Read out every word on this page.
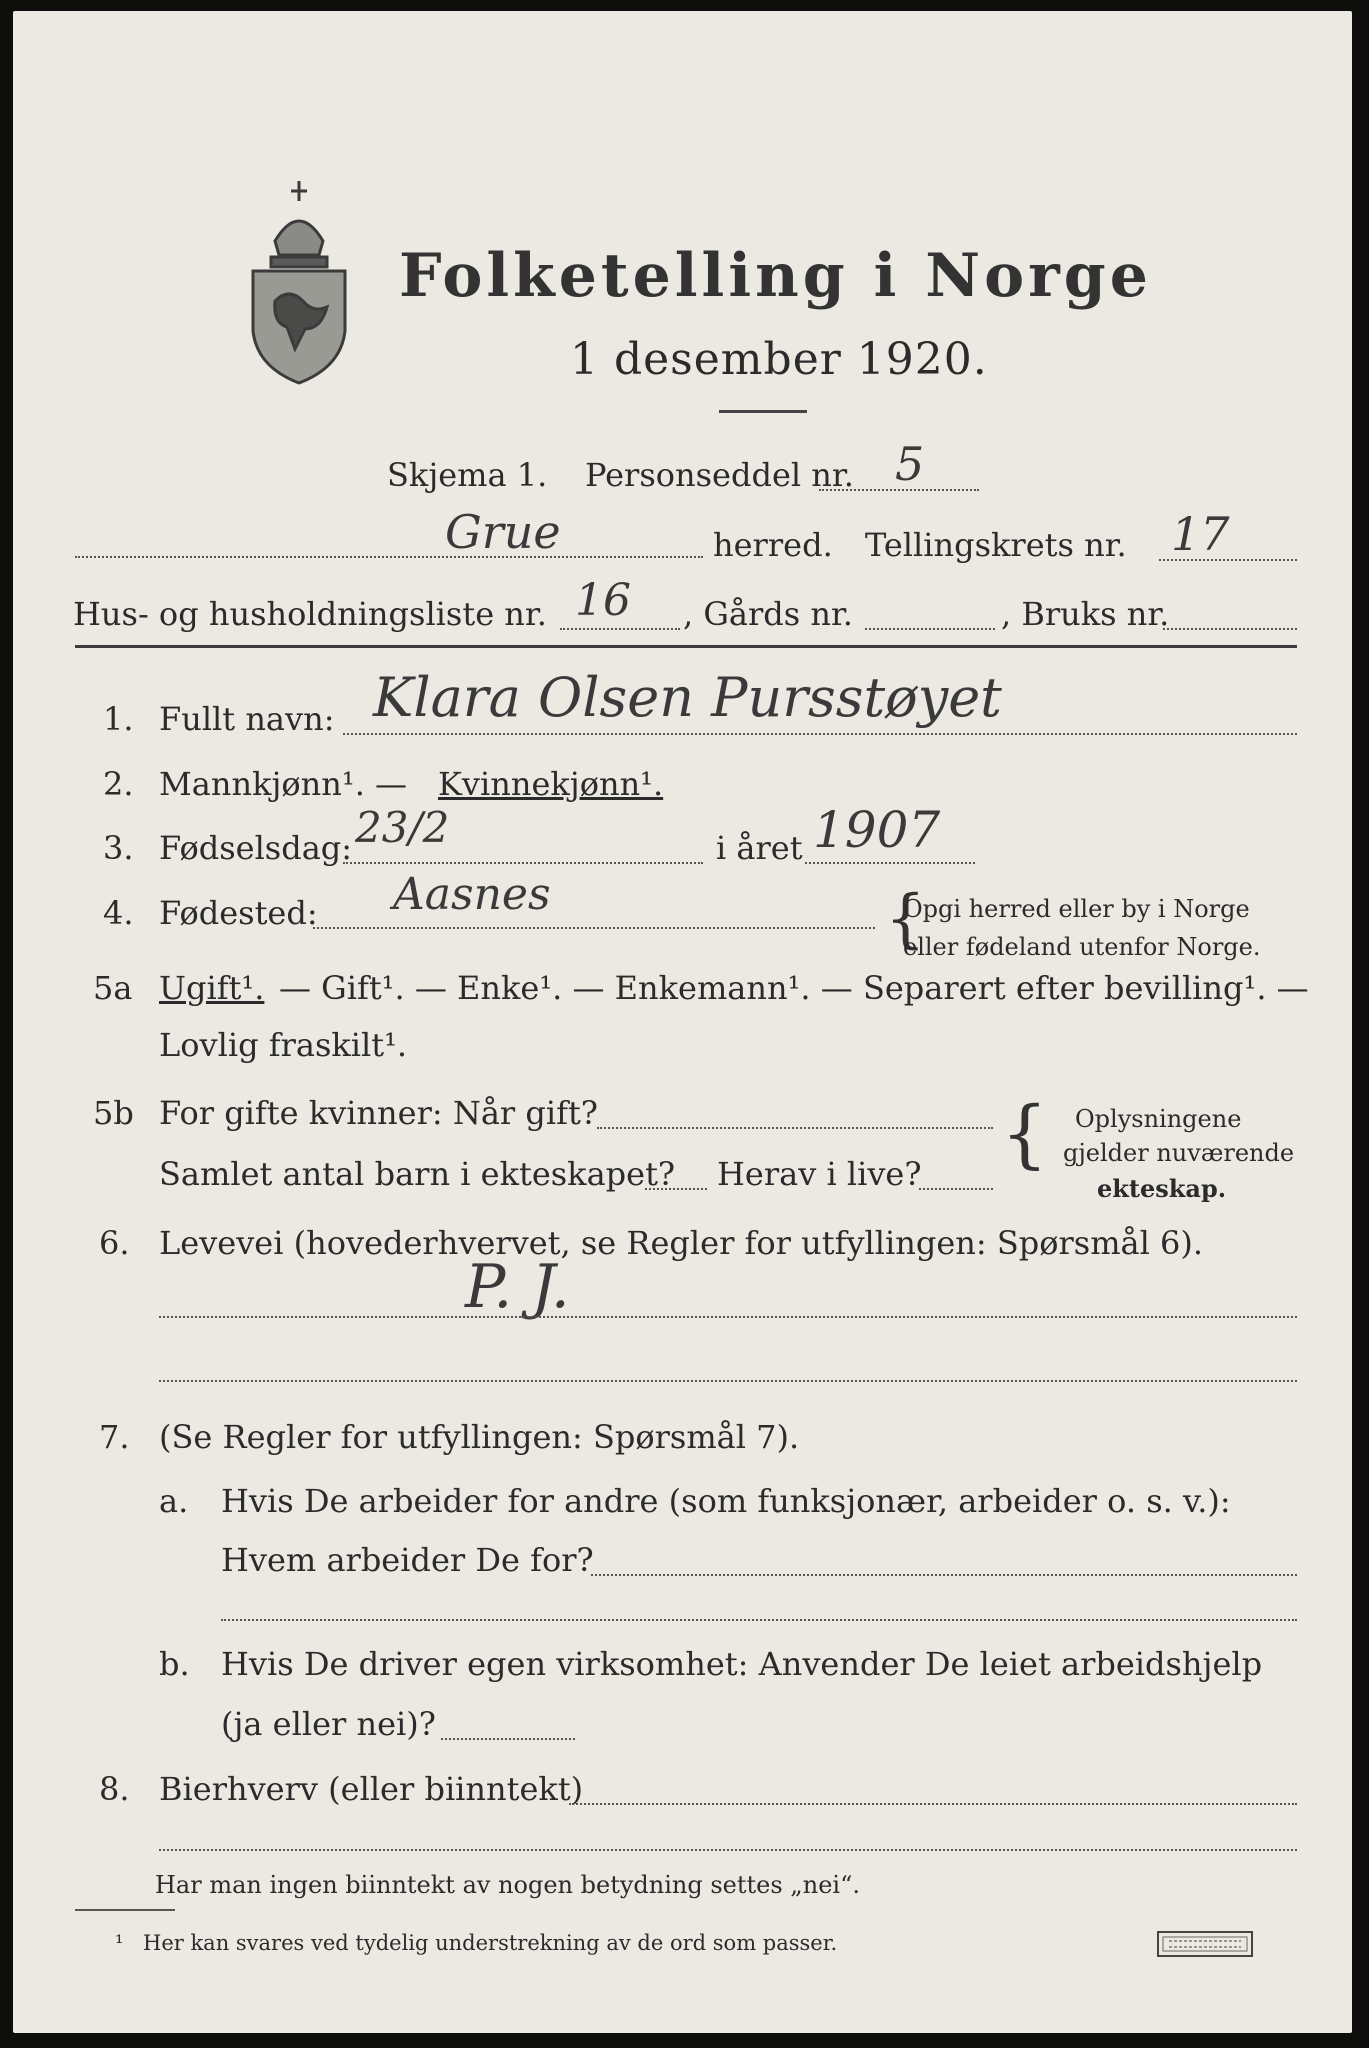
Folketelling i Norge
1 desember 1920.
Skjema 1. Personseddel nr. 5
Grue	herred. Tellingskrets nr. 17
Hus- og husholdningsliste nr. 16 , Gårds nr.	, Bruks nr.
1. Fullt navn: Klara Olsen Pursstøyet
2. Mannkjønn¹. — Kvinnekjønn¹.
3. Fødselsdag: 23/2	i året 1907
4. Fødested: Aasnes	{
Opgi herred eller by i Norge
eller fødeland utenfor Norge.
5a Ugift¹. — Gift¹. — Enke¹. — Enkemann¹. — Separert efter bevilling¹. —
Lovlig fraskilt¹.
5b For gifte kvinner: Når gift?
Samlet antal barn i ekteskapet? Herav i live? { Oplysningene
gjelder nuværende
ekteskap.
6. Levevei (hovederhvervet, se Regler for utfyllingen: Spørsmål 6).
P. J.
7. (Se Regler for utfyllingen: Spørsmål 7).
a. Hvis De arbeider for andre (som funksjonær, arbeider o. s. v.):
Hvem arbeider De for?
b. Hvis De driver egen virksomhet: Anvender De leiet arbeidshjelp
(ja eller nei)?
8. Bierhverv (eller biinntekt)
Har man ingen biinntekt av nogen betydning settes „nei“.
¹ Her kan svares ved tydelig understrekning av de ord som passer.
